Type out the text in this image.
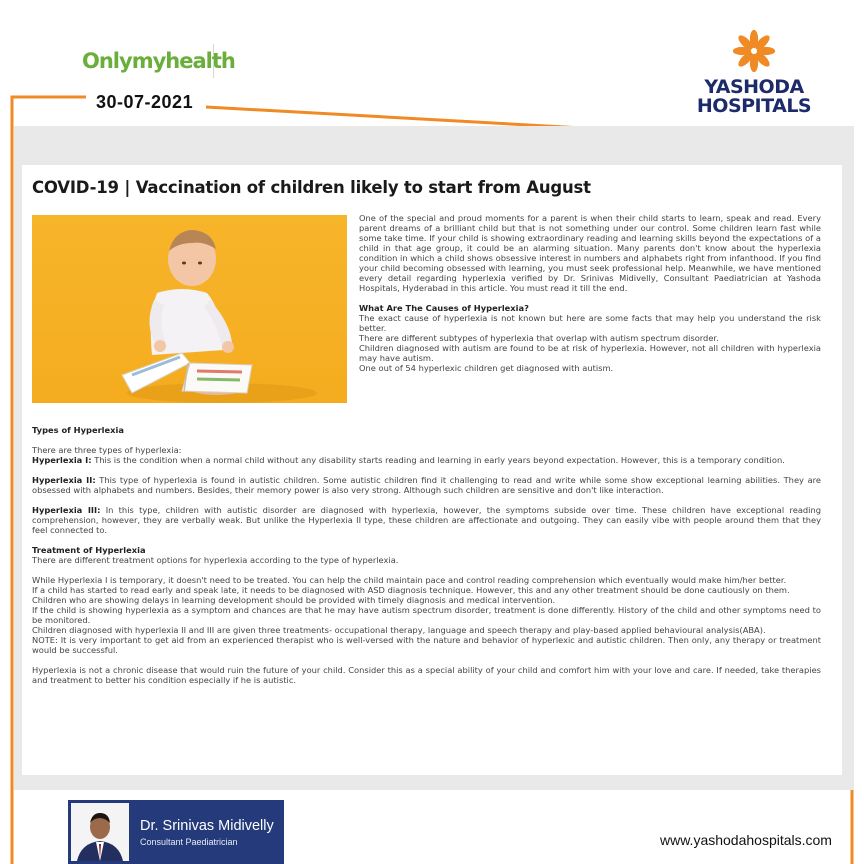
Onlymyhealth
30-07-2021
YASHODA
HOSPITALS
COVID-19 | Vaccination of children likely to start from August

One of the special and proud moments for a parent is when their child starts to learn, speak and read. Every parent dreams of a brilliant child but that is not something under our control. Some children learn fast while some take time. If your child is showing extraordinary reading and learning skills beyond the expectations of a child in that age group, it could be an alarming situation. Many parents don't know about the hyperlexia condition in which a child shows obsessive interest in numbers and alphabets right from infanthood. If you find your child becoming obsessed with learning, you must seek professional help. Meanwhile, we have mentioned every detail regarding hyperlexia verified by Dr. Srinivas Midivelly, Consultant Paediatrician at Yashoda Hospitals, Hyderabad in this article. You must read it till the end.

What Are The Causes of Hyperlexia?

The exact cause of hyperlexia is not known but here are some facts that may help you understand the risk better.

There are different subtypes of hyperlexia that overlap with autism spectrum disorder.

Children diagnosed with autism are found to be at risk of hyperlexia. However, not all children with hyperlexia may have autism.

One out of 54 hyperlexic children get diagnosed with autism.

Types of Hyperlexia

There are three types of hyperlexia:

Hyperlexia I: This is the condition when a normal child without any disability starts reading and learning in early years beyond expectation. However, this is a temporary condition.

Hyperlexia II: This type of hyperlexia is found in autistic children. Some autistic children find it challenging to read and write while some show exceptional learning abilities. They are obsessed with alphabets and numbers. Besides, their memory power is also very strong. Although such children are sensitive and don't like interaction.

Hyperlexia III: In this type, children with autistic disorder are diagnosed with hyperlexia, however, the symptoms subside over time. These children have exceptional reading comprehension, however, they are verbally weak. But unlike the Hyperlexia II type, these children are affectionate and outgoing. They can easily vibe with people around them that they feel connected to.

Treatment of Hyperlexia

There are different treatment options for hyperlexia according to the type of hyperlexia.

While Hyperlexia I is temporary, it doesn't need to be treated. You can help the child maintain pace and control reading comprehension which eventually would make him/her better.

If a child has started to read early and speak late, it needs to be diagnosed with ASD diagnosis technique. However, this and any other treatment should be done cautiously on them.

Children who are showing delays in learning development should be provided with timely diagnosis and medical intervention.

If the child is showing hyperlexia as a symptom and chances are that he may have autism spectrum disorder, treatment is done differently. History of the child and other symptoms need to be monitored.

Children diagnosed with hyperlexia II and III are given three treatments- occupational therapy, language and speech therapy and play-based applied behavioural analysis(ABA).

NOTE: It is very important to get aid from an experienced therapist who is well-versed with the nature and behavior of hyperlexic and autistic children. Then only, any therapy or treatment would be successful.

Hyperlexia is not a chronic disease that would ruin the future of your child. Consider this as a special ability of your child and comfort him with your love and care. If needed, take therapies and treatment to better his condition especially if he is autistic.

Dr. Srinivas Midivelly
Consultant Paediatrician	www.yashodahospitals.com
